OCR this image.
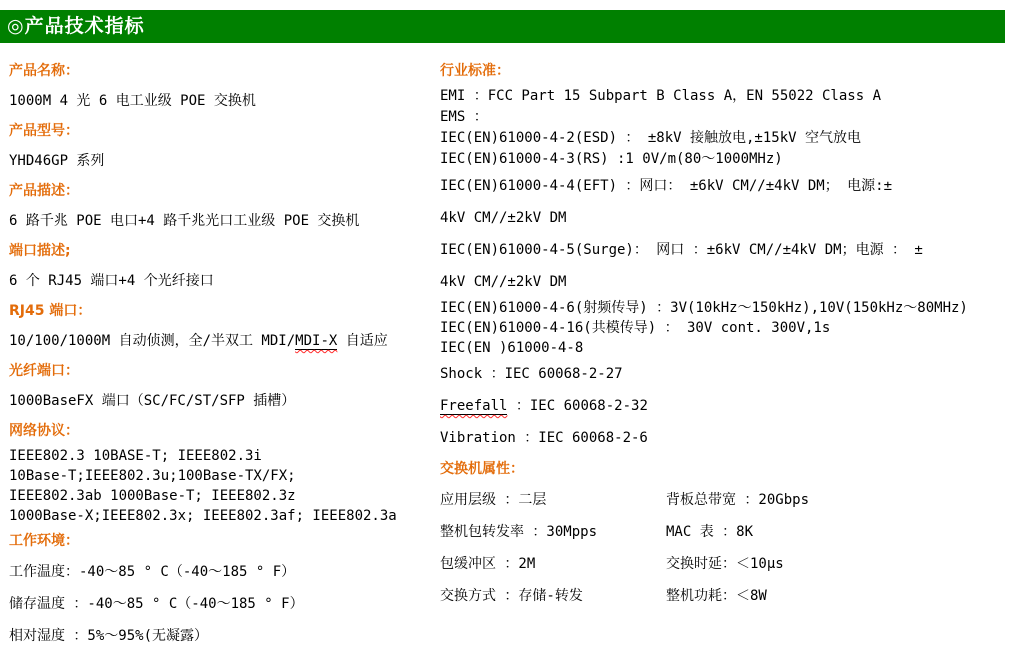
◎产品技术指标
产品名称：
1000M 4 光 6 电工业级 POE 交换机
产品型号：
YHD46GP 系列
产品描述：
6 路千兆 POE 电口+4 路千兆光口工业级 POE 交换机
端口描述;
6 个 RJ45 端口+4 个光纤接口
RJ45 端口：
10/100/1000M 自动侦测，全/半双工 MDI/MDI-X 自适应
光纤端口：
1000BaseFX 端口（SC/FC/ST/SFP 插槽）
网络协议：
IEEE802.3 10BASE-T; IEEE802.3i
10Base-T;IEEE802.3u;100Base-TX/FX;
IEEE802.3ab 1000Base-T; IEEE802.3z
1000Base-X;IEEE802.3x; IEEE802.3af; IEEE802.3a
工作环境：
工作温度：-40～85 ° C（-40～185 ° F）
储存温度 ：-40～85 ° C（-40～185 ° F）
相对湿度 ：5%～95%(无凝露）
行业标准：
EMI ：FCC Part 15 Subpart B Class A，EN 55022 Class A
EMS ：
IEC(EN)61000-4-2(ESD) ： ±8kV 接触放电,±15kV 空气放电
IEC(EN)61000-4-3(RS) :1 0V/m(80～1000MHz)
IEC(EN)61000-4-4(EFT) ：网口： ±6kV CM//±4kV DM； 电源:±
4kV CM//±2kV DM
IEC(EN)61000-4-5(Surge)： 网口 ：±6kV CM//±4kV DM；电源 ： ±
4kV CM//±2kV DM
IEC(EN)61000-4-6(射频传导) ：3V(10kHz～150kHz),10V(150kHz～80MHz)
IEC(EN)61000-4-16(共模传导) ： 30V cont. 300V,1s
IEC(EN )61000-4-8
Shock ：IEC 60068-2-27
Freefall ：IEC 60068-2-32
Vibration ：IEC 60068-2-6
交换机属性：
应用层级 ：二层	背板总带宽 ：20Gbps
整机包转发率 ：30Mpps	MAC 表 ：8K
包缓冲区 ：2M	交换时延：＜10μs
交换方式 ：存储-转发	整机功耗：＜8W
